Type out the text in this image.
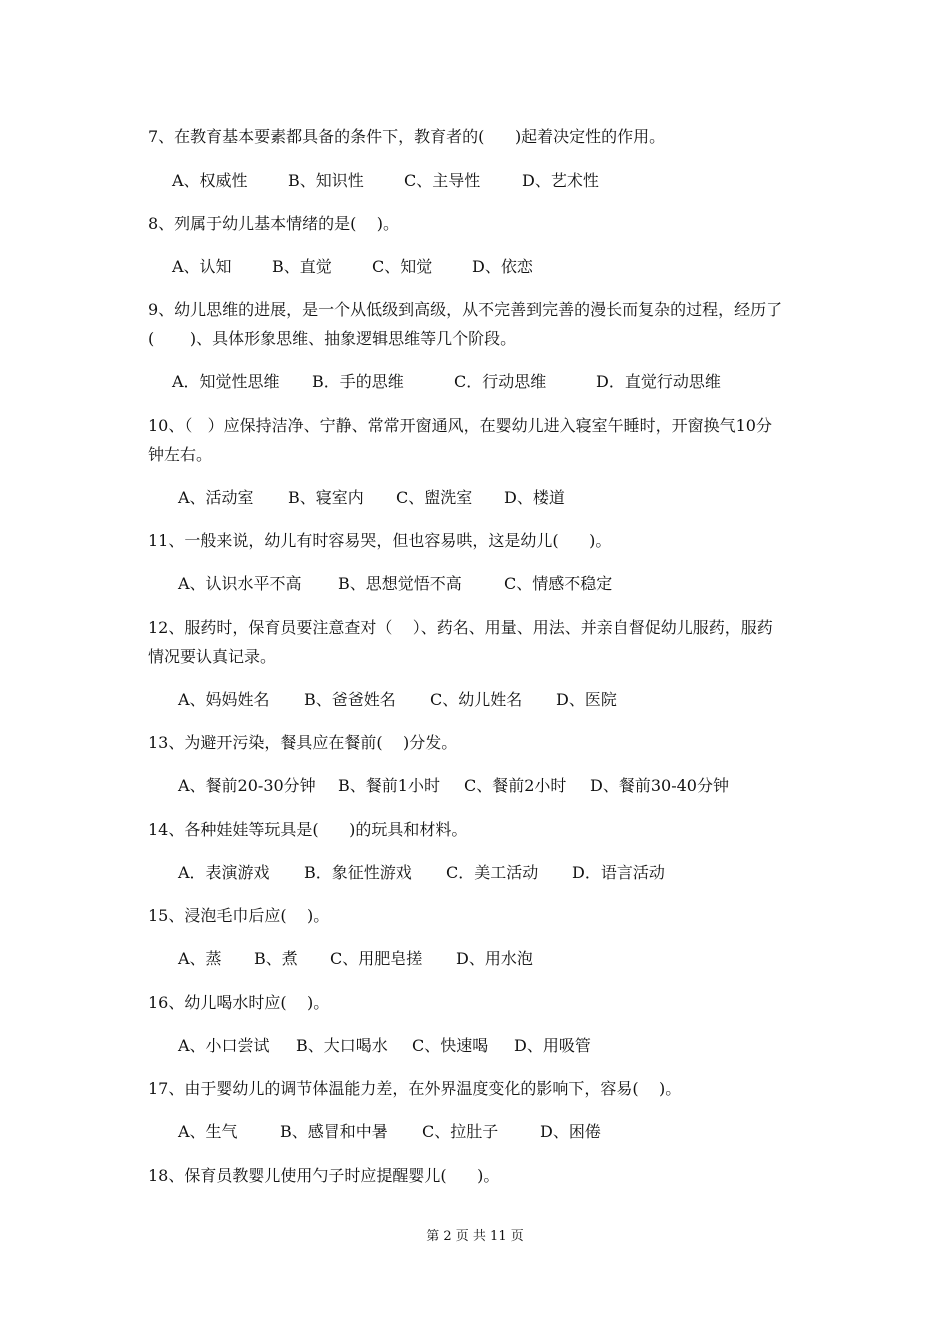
7、在教育基本要素都具备的条件下，教育者的(      )起着决定性的作用。
A、权威性	B、知识性	C、主导性	D、艺术性
8、列属于幼儿基本情绪的是(    )。
A、认知	B、直觉	C、知觉 D、依恋
9、幼儿思维的进展，是一个从低级到高级，从不完善到完善的漫长而复杂的过程，经历了
(       )、具体形象思维、抽象逻辑思维等几个阶段。
A．知觉性思维 B．手的思维	C．行动思维	D．直觉行动思维
10、（   ）应保持洁净、宁静、常常开窗通风，在婴幼儿进入寝室午睡时，开窗换气10分
钟左右。
A、活动室 B、寝室内 C、盥洗室 D、楼道
11、一般来说，幼儿有时容易哭，但也容易哄，这是幼儿(      )。
A、认识水平不高 B、思想觉悟不高	C、情感不稳定
12、服药时，保育员要注意查对（    ）、药名、用量、用法、并亲自督促幼儿服药，服药
情况要认真记录。
A、妈妈姓名 B、爸爸姓名 C、幼儿姓名 D、医院
13、为避开污染，餐具应在餐前(    )分发。
A、餐前20-30分钟 B、餐前1小时 C、餐前2小时 D、餐前30-40分钟
14、各种娃娃等玩具是(      )的玩具和材料。
A．表演游戏 B．象征性游戏 C．美工活动 D．语言活动
15、浸泡毛巾后应(    )。
A、蒸 B、煮 C、用肥皂搓 D、用水泡
16、幼儿喝水时应(    )。
A、小口尝试 B、大口喝水 C、快速喝 D、用吸管
17、由于婴幼儿的调节体温能力差，在外界温度变化的影响下，容易(    )。
A、生气	B、感冒和中暑 C、拉肚子	D、困倦
18、保育员教婴儿使用勺子时应提醒婴儿(      )。
第 2 页 共 11 页
